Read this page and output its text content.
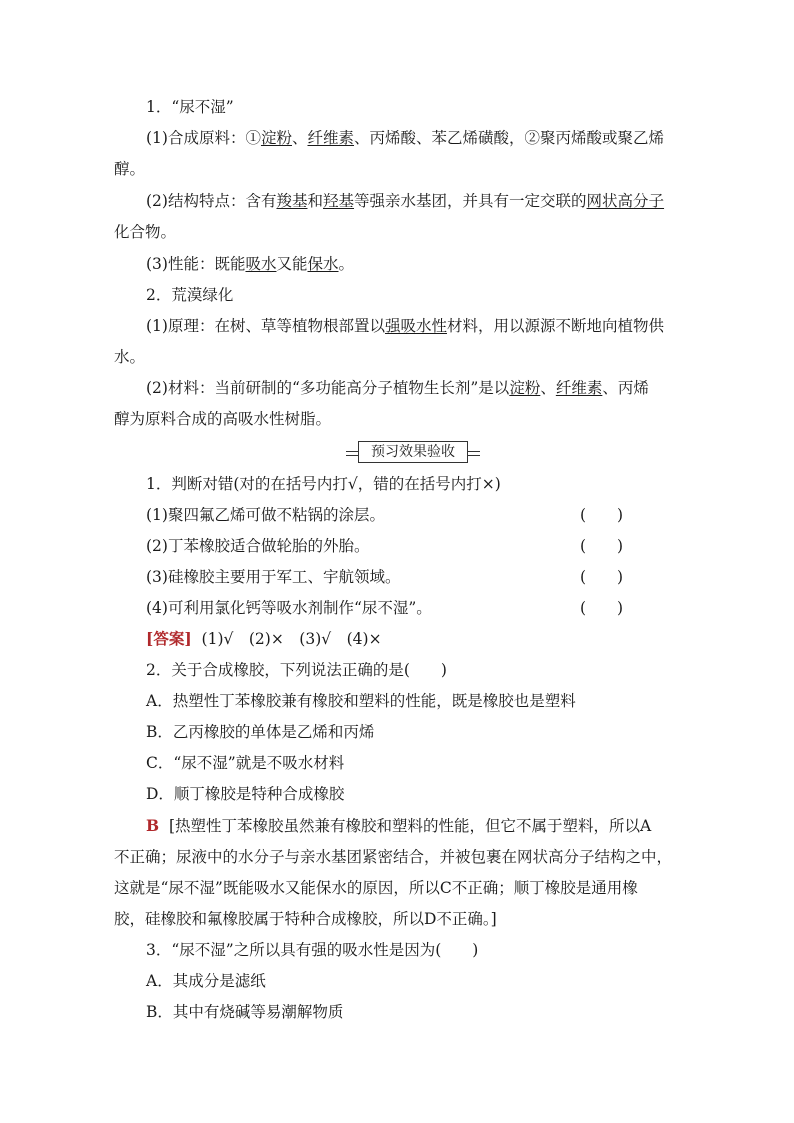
1．“尿不湿”
(1)合成原料：①淀粉、纤维素、丙烯酸、苯乙烯磺酸，②聚丙烯酸或聚乙烯
醇。
(2)结构特点：含有羧基和羟基等强亲水基团，并具有一定交联的网状高分子
化合物。
(3)性能：既能吸水又能保水。
2．荒漠绿化
(1)原理：在树、草等植物根部置以强吸水性材料，用以源源不断地向植物供
水。
(2)材料：当前研制的“多功能高分子植物生长剂”是以淀粉、纤维素、丙烯
醇为原料合成的高吸水性树脂。
预习效果验收
1．判断对错(对的在括号内打√，错的在括号内打×)
(1)聚四氟乙烯可做不粘锅的涂层。	(　　)
(2)丁苯橡胶适合做轮胎的外胎。	(　　)
(3)硅橡胶主要用于军工、宇航领域。	(　　)
(4)可利用氯化钙等吸水剂制作“尿不湿”。	(　　)
[答案] (1)√　(2)×　(3)√　(4)×
2．关于合成橡胶，下列说法正确的是(　　)
A．热塑性丁苯橡胶兼有橡胶和塑料的性能，既是橡胶也是塑料
B．乙丙橡胶的单体是乙烯和丙烯
C．“尿不湿”就是不吸水材料
D．顺丁橡胶是特种合成橡胶
B [热塑性丁苯橡胶虽然兼有橡胶和塑料的性能，但它不属于塑料，所以A
不正确；尿液中的水分子与亲水基团紧密结合，并被包裹在网状高分子结构之中，
这就是“尿不湿”既能吸水又能保水的原因，所以C不正确；顺丁橡胶是通用橡
胶，硅橡胶和氟橡胶属于特种合成橡胶，所以D不正确。]
3．“尿不湿”之所以具有强的吸水性是因为(　　)
A．其成分是滤纸
B．其中有烧碱等易潮解物质
